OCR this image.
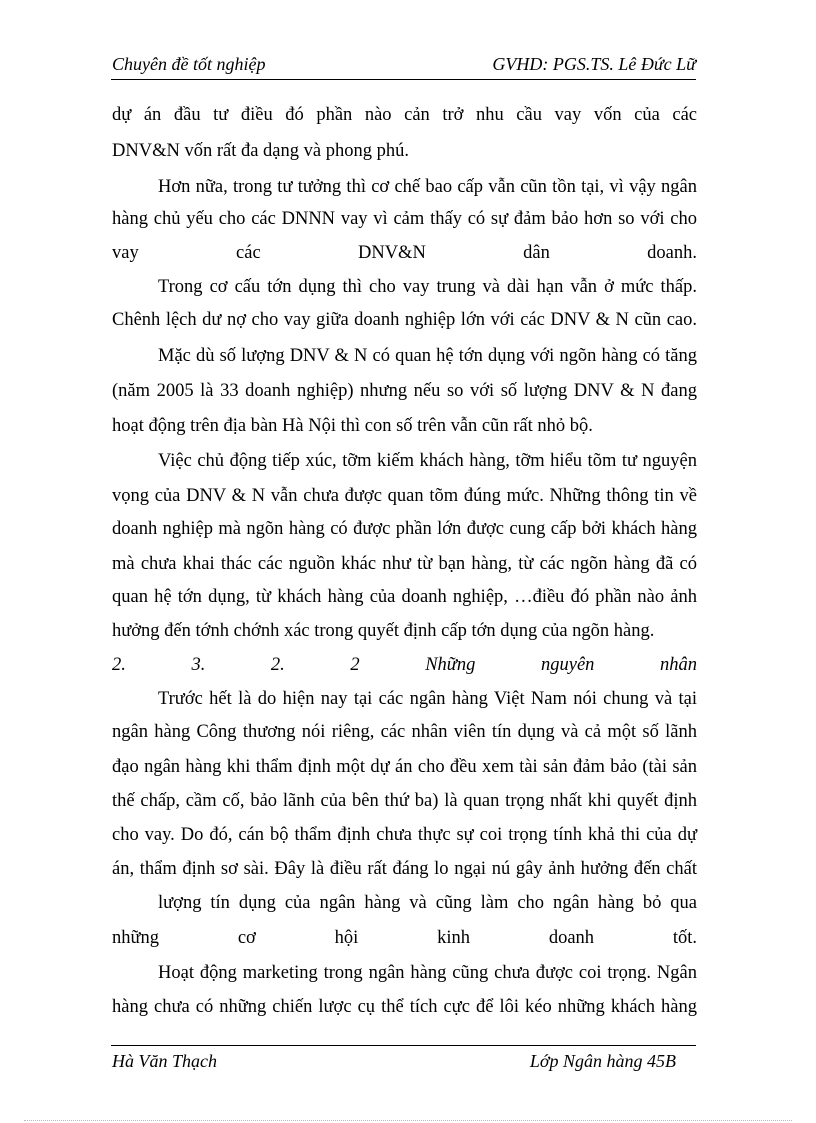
Chuyên đề tốt nghiệp	GVHD: PGS.TS. Lê Đức Lữ
dự án đầu tư điều đó phần nào cản trở nhu cầu vay vốn của các
DNV&N vốn rất đa dạng và phong phú.
Hơn nữa, trong tư tưởng thì cơ chế bao cấp vẫn cũn tồn tại, vì vậy ngân
hàng chủ yếu cho các DNNN vay vì cảm thấy có sự đảm bảo hơn so với cho
vay các DNV&N dân doanh.
Trong cơ cấu tớn dụng thì cho vay trung và dài hạn vẫn ở mức thấp.
Chênh lệch dư nợ cho vay giữa doanh nghiệp lớn với các DNV & N cũn cao.
Mặc dù số lượng DNV & N có quan hệ tớn dụng với ngõn hàng có tăng
(năm 2005 là 33 doanh nghiệp) nhưng nếu so với số lượng DNV & N đang
hoạt động trên địa bàn Hà Nội thì con số trên vẫn cũn rất nhỏ bộ.
Việc chủ động tiếp xúc, tỡm kiếm khách hàng, tỡm hiểu tõm tư nguyện
vọng của DNV & N vẫn chưa được quan tõm đúng mức. Những thông tin về
doanh nghiệp mà ngõn hàng có được phần lớn được cung cấp bởi khách hàng
mà chưa khai thác các nguồn khác như từ bạn hàng, từ các ngõn hàng đã có
quan hệ tớn dụng, từ khách hàng của doanh nghiệp, …điều đó phần nào ảnh
hưởng đến tớnh chớnh xác trong quyết định cấp tớn dụng của ngõn hàng.
2. 3. 2. 2 Những nguyên nhân
Trước hết là do hiện nay tại các ngân hàng Việt Nam nói chung và tại
ngân hàng Công thương nói riêng, các nhân viên tín dụng và cả một số lãnh
đạo ngân hàng khi thẩm định một dự án cho đều xem tài sản đảm bảo (tài sản
thế chấp, cầm cố, bảo lãnh của bên thứ ba) là quan trọng nhất khi quyết định
cho vay. Do đó, cán bộ thẩm định chưa thực sự coi trọng tính khả thi của dự
án, thẩm định sơ sài. Đây là điều rất đáng lo ngại nú gây ảnh hưởng đến chất
lượng tín dụng của ngân hàng và cũng làm cho ngân hàng bỏ qua
những cơ hội kinh doanh tốt.
Hoạt động marketing trong ngân hàng cũng chưa được coi trọng. Ngân
hàng chưa có những chiến lược cụ thể tích cực để lôi kéo những khách hàng
Hà Văn Thạch	Lớp Ngân hàng 45B
